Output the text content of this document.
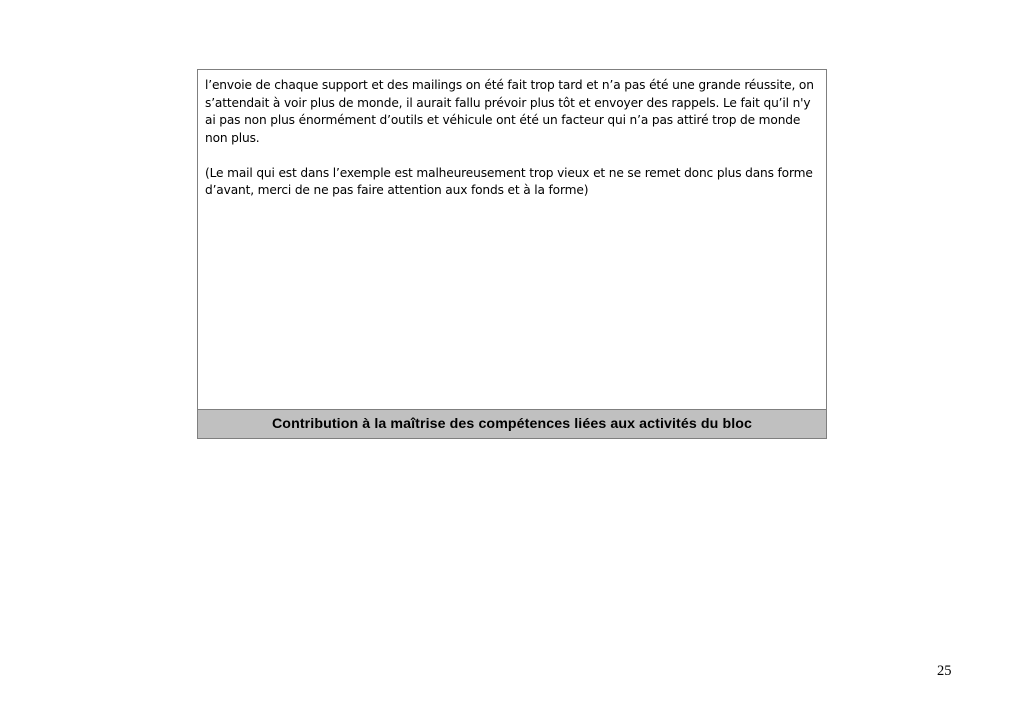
l’envoie de chaque support et des mailings on été fait trop tard et n’a pas été une grande réussite, on s’attendait à voir plus de monde, il aurait fallu prévoir plus tôt et envoyer des rappels. Le fait qu’il n'y ai pas non plus énormément d’outils et véhicule ont été un facteur qui n’a pas attiré trop de monde non plus.

(Le mail qui est dans l’exemple est malheureusement trop vieux et ne se remet donc plus dans forme d’avant, merci de ne pas faire attention aux fonds et à la forme)

Contribution à la maîtrise des compétences liées aux activités du bloc
25
